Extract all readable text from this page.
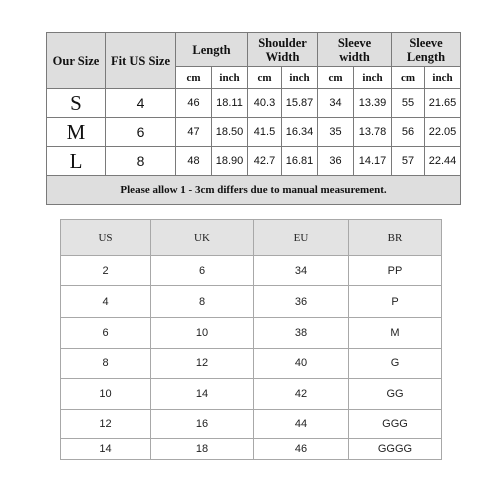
Our Size	Fit US Size	Length		Shoulder Width		Sleeve width		Sleeve Length	
		cm	inch	cm	inch	cm	inch	cm	inch
S	4	46	18.11	40.3	15.87	34	13.39	55	21.65
M	6	47	18.50	41.5	16.34	35	13.78	56	22.05
L	8	48	18.90	42.7	16.81	36	14.17	57	22.44
Please allow 1 - 3cm differs due to manual measurement.									
US	UK	EU	BR
2	6	34	PP
4	8	36	P
6	10	38	M
8	12	40	G
10	14	42	GG
12	16	44	GGG
14	18	46	GGGG
